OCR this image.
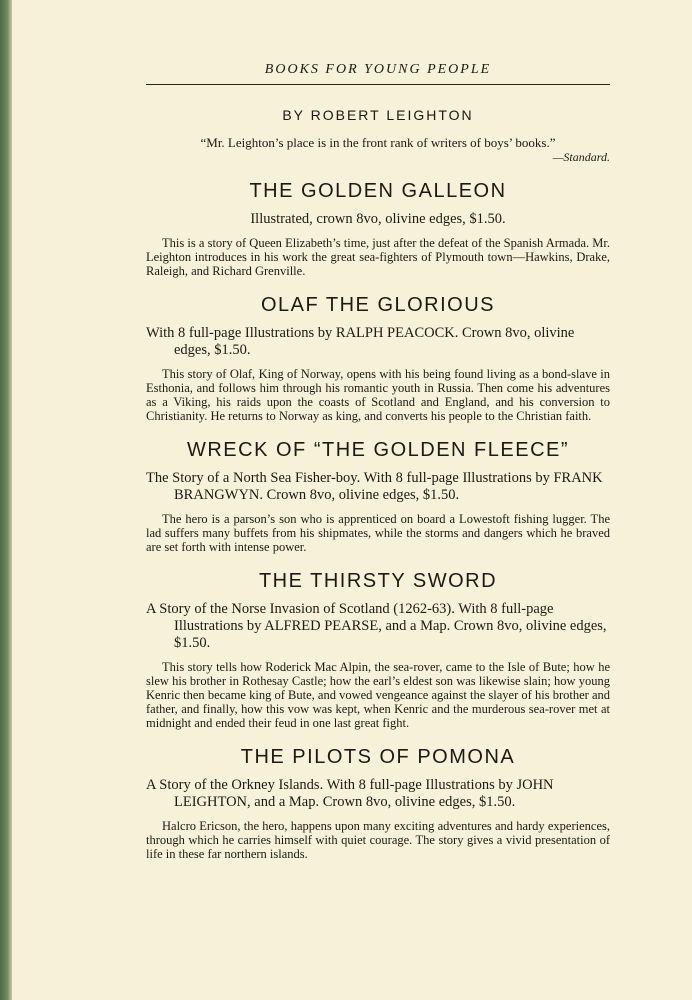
BOOKS FOR YOUNG PEOPLE
BY ROBERT LEIGHTON
“Mr. Leighton’s place is in the front rank of writers of boys’ books.”
—Standard.
THE GOLDEN GALLEON
Illustrated, crown 8vo, olivine edges, $1.50.
This is a story of Queen Elizabeth’s time, just after the defeat of the Spanish Armada. Mr. Leighton introduces in his work the great sea-fighters of Plymouth town—Hawkins, Drake, Raleigh, and Richard Grenville.
OLAF THE GLORIOUS
With 8 full-page Illustrations by RALPH PEACOCK. Crown 8vo, olivine edges, $1.50.
This story of Olaf, King of Norway, opens with his being found living as a bond-slave in Esthonia, and follows him through his romantic youth in Russia. Then come his adventures as a Viking, his raids upon the coasts of Scotland and England, and his conversion to Christianity. He returns to Norway as king, and converts his people to the Christian faith.
WRECK OF “THE GOLDEN FLEECE”
The Story of a North Sea Fisher-boy. With 8 full-page Illustrations by FRANK BRANGWYN. Crown 8vo, olivine edges, $1.50.
The hero is a parson’s son who is apprenticed on board a Lowestoft fishing lugger. The lad suffers many buffets from his shipmates, while the storms and dangers which he braved are set forth with intense power.
THE THIRSTY SWORD
A Story of the Norse Invasion of Scotland (1262-63). With 8 full-page Illustrations by ALFRED PEARSE, and a Map. Crown 8vo, olivine edges, $1.50.
This story tells how Roderick Mac Alpin, the sea-rover, came to the Isle of Bute; how he slew his brother in Rothesay Castle; how the earl’s eldest son was likewise slain; how young Kenric then became king of Bute, and vowed vengeance against the slayer of his brother and father, and finally, how this vow was kept, when Kenric and the murderous sea-rover met at midnight and ended their feud in one last great fight.
THE PILOTS OF POMONA
A Story of the Orkney Islands. With 8 full-page Illustrations by JOHN LEIGHTON, and a Map. Crown 8vo, olivine edges, $1.50.
Halcro Ericson, the hero, happens upon many exciting adventures and hardy experiences, through which he carries himself with quiet courage. The story gives a vivid presentation of life in these far northern islands.
